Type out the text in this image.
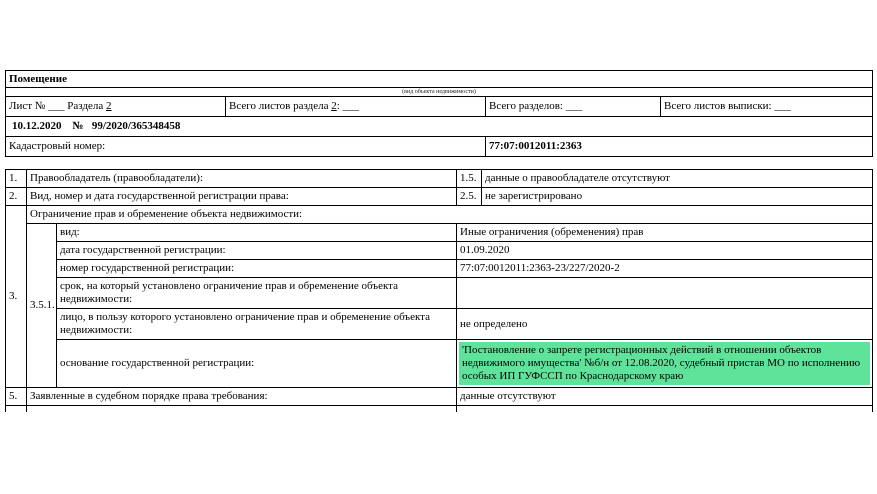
Помещение			
(вид объекта недвижимости)			
Лист № ___ Раздела 2	Всего листов раздела 2: ___	Всего разделов: ___	Всего листов выписки: ___
10.12.2020 № 99/2020/365348458			
Кадастровый номер:		77:07:0012011:2363	
1.	Правообладатель (правообладатели):		1.5.	данные о правообладателе отсутствуют
2.	Вид, номер и дата государственной регистрации права:		2.5.	не зарегистрировано
3.	Ограничение прав и обременение объекта недвижимости:			
	3.5.1.	вид:	Иные ограничения (обременения) прав	
		дата государственной регистрации:	01.09.2020	
		номер государственной регистрации:	77:07:0012011:2363-23/227/2020-2	
		срок, на который установлено ограничение прав и обременение объекта недвижимости:		
		лицо, в пользу которого установлено ограничение прав и обременение объекта недвижимости:	не определено	
		основание государственной регистрации:	'Постановление о запрете регистрационных действий в отношении объектов недвижимого имущества' №б/н от 12.08.2020, судебный пристав МО по исполнению особых ИП ГУФССП по Краснодарскому краю	

5.	Заявленные в судебном порядке права требования:		данные отсутствуют	
